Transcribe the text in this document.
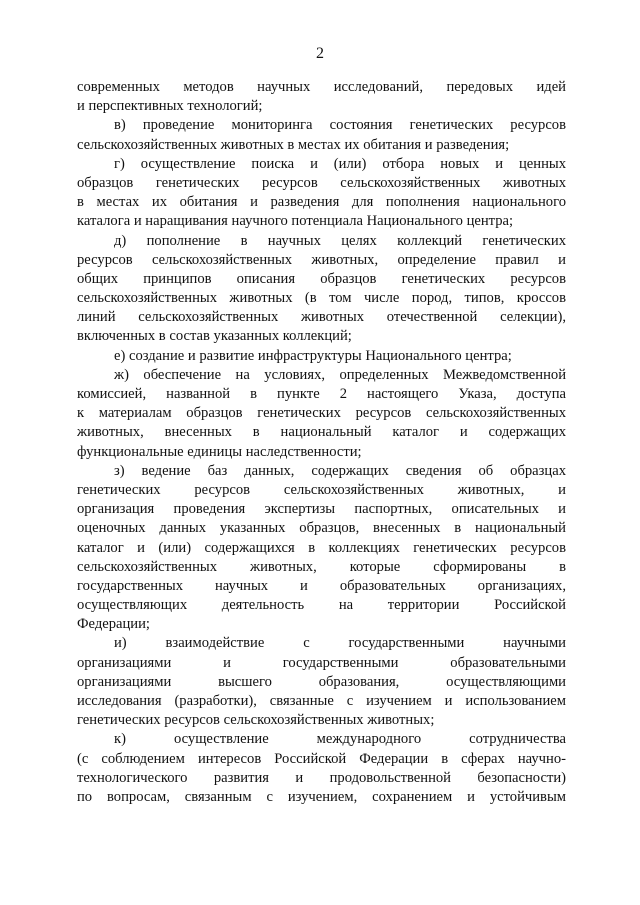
2
современных методов научных исследований, передовых идей
и перспективных технологий;
в) проведение мониторинга состояния генетических ресурсов
сельскохозяйственных животных в местах их обитания и разведения;
г) осуществление поиска и (или) отбора новых и ценных
образцов генетических ресурсов сельскохозяйственных животных
в местах их обитания и разведения для пополнения национального
каталога и наращивания научного потенциала Национального центра;
д) пополнение в научных целях коллекций генетических
ресурсов сельскохозяйственных животных, определение правил и
общих принципов описания образцов генетических ресурсов
сельскохозяйственных животных (в том числе пород, типов, кроссов
линий сельскохозяйственных животных отечественной селекции),
включенных в состав указанных коллекций;
е) создание и развитие инфраструктуры Национального центра;
ж) обеспечение на условиях, определенных Межведомственной
комиссией, названной в пункте 2 настоящего Указа, доступа
к материалам образцов генетических ресурсов сельскохозяйственных
животных, внесенных в национальный каталог и содержащих
функциональные единицы наследственности;
з) ведение баз данных, содержащих сведения об образцах
генетических ресурсов сельскохозяйственных животных, и
организация проведения экспертизы паспортных, описательных и
оценочных данных указанных образцов, внесенных в национальный
каталог и (или) содержащихся в коллекциях генетических ресурсов
сельскохозяйственных животных, которые сформированы в
государственных научных и образовательных организациях,
осуществляющих деятельность на территории Российской
Федерации;
и) взаимодействие с государственными научными
организациями и государственными образовательными
организациями высшего образования, осуществляющими
исследования (разработки), связанные с изучением и использованием
генетических ресурсов сельскохозяйственных животных;
к) осуществление международного сотрудничества
(с соблюдением интересов Российской Федерации в сферах научно-
технологического развития и продовольственной безопасности)
по вопросам, связанным с изучением, сохранением и устойчивым
